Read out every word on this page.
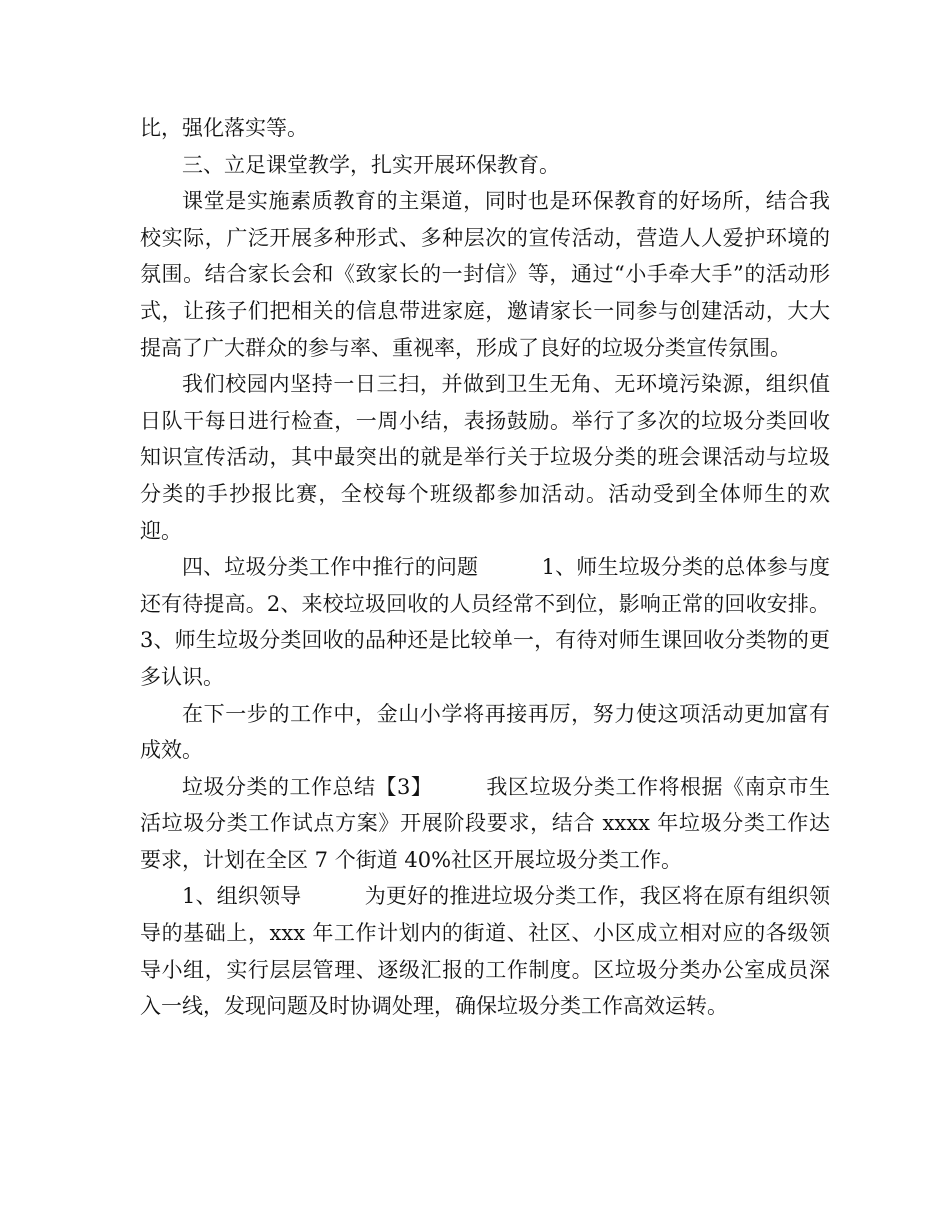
比，强化落实等。

三、立足课堂教学，扎实开展环保教育。

课堂是实施素质教育的主渠道，同时也是环保教育的好场所，结合我校实际，广泛开展多种形式、多种层次的宣传活动，营造人人爱护环境的氛围。结合家长会和《致家长的一封信》等，通过“小手牵大手”的活动形式，让孩子们把相关的信息带进家庭，邀请家长一同参与创建活动，大大提高了广大群众的参与率、重视率，形成了良好的垃圾分类宣传氛围。

我们校园内坚持一日三扫，并做到卫生无角、无环境污染源，组织值日队干每日进行检查，一周小结，表扬鼓励。举行了多次的垃圾分类回收知识宣传活动，其中最突出的就是举行关于垃圾分类的班会课活动与垃圾分类的手抄报比赛，全校每个班级都参加活动。活动受到全体师生的欢迎。

四、垃圾分类工作中推行的问题　　　1、师生垃圾分类的总体参与度还有待提高。2、来校垃圾回收的人员经常不到位，影响正常的回收安排。3、师生垃圾分类回收的品种还是比较单一，有待对师生课回收分类物的更多认识。

在下一步的工作中，金山小学将再接再厉，努力使这项活动更加富有成效。

垃圾分类的工作总结【3】　　　我区垃圾分类工作将根据《南京市生活垃圾分类工作试点方案》开展阶段要求，结合 xxxx 年垃圾分类工作达要求，计划在全区 7 个街道 40%社区开展垃圾分类工作。

1、组织领导　　　为更好的推进垃圾分类工作，我区将在原有组织领导的基础上，xxx 年工作计划内的街道、社区、小区成立相对应的各级领导小组，实行层层管理、逐级汇报的工作制度。区垃圾分类办公室成员深入一线，发现问题及时协调处理，确保垃圾分类工作高效运转。
